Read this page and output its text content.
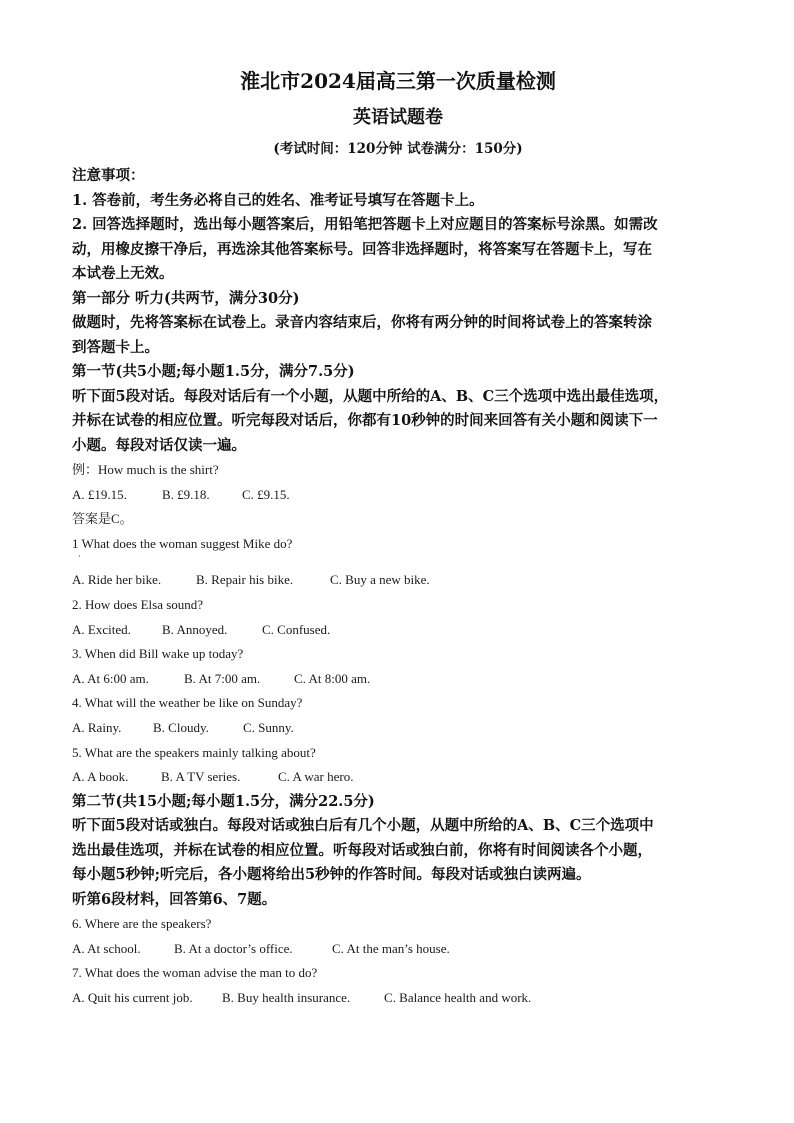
淮北市2024届高三第一次质量检测

英语试题卷

(考试时间：120分钟 试卷满分：150分)

注意事项：

1. 答卷前，考生务必将自己的姓名、准考证号填写在答题卡上。

2. 回答选择题时，选出每小题答案后，用铅笔把答题卡上对应题目的答案标号涂黑。如需改

动，用橡皮擦干净后，再选涂其他答案标号。回答非选择题时，将答案写在答题卡上，写在

本试卷上无效。

第一部分 听力(共两节，满分30分)

做题时，先将答案标在试卷上。录音内容结束后，你将有两分钟的时间将试卷上的答案转涂

到答题卡上。

第一节(共5小题;每小题1.5分，满分7.5分)

听下面5段对话。每段对话后有一个小题，从题中所给的A、B、C三个选项中选出最佳选项，

并标在试卷的相应位置。听完每段对话后，你都有10秒钟的时间来回答有关小题和阅读下一

小题。每段对话仅读一遍。

例：How much is the shirt?

A. £19.15.	B. £9.18. C. £9.15.

答案是C。

1 What does the woman suggest Mike do?

·

A. Ride her bike.	B. Repair his bike.	C. Buy a new bike.

2. How does Elsa sound?

A. Excited. B. Annoyed.	C. Confused.

3. When did Bill wake up today?

A. At 6:00 am.	B. At 7:00 am.	C. At 8:00 am.

4. What will the weather be like on Sunday?

A. Rainy. B. Cloudy.	C. Sunny.

5. What are the speakers mainly talking about?

A. A book.	B. A TV series.	C. A war hero.

第二节(共15小题;每小题1.5分，满分22.5分)

听下面5段对话或独白。每段对话或独白后有几个小题，从题中所给的A、B、C三个选项中

选出最佳选项，并标在试卷的相应位置。听每段对话或独白前，你将有时间阅读各个小题，

每小题5秒钟;听完后，各小题将给出5秒钟的作答时间。每段对话或独白读两遍。

听第6段材料，回答第6、7题。

6. Where are the speakers?

A. At school.	B. At a doctor’s office.	C. At the man’s house.

7. What does the woman advise the man to do?

A. Quit his current job. B. Buy health insurance.	C. Balance health and work.
